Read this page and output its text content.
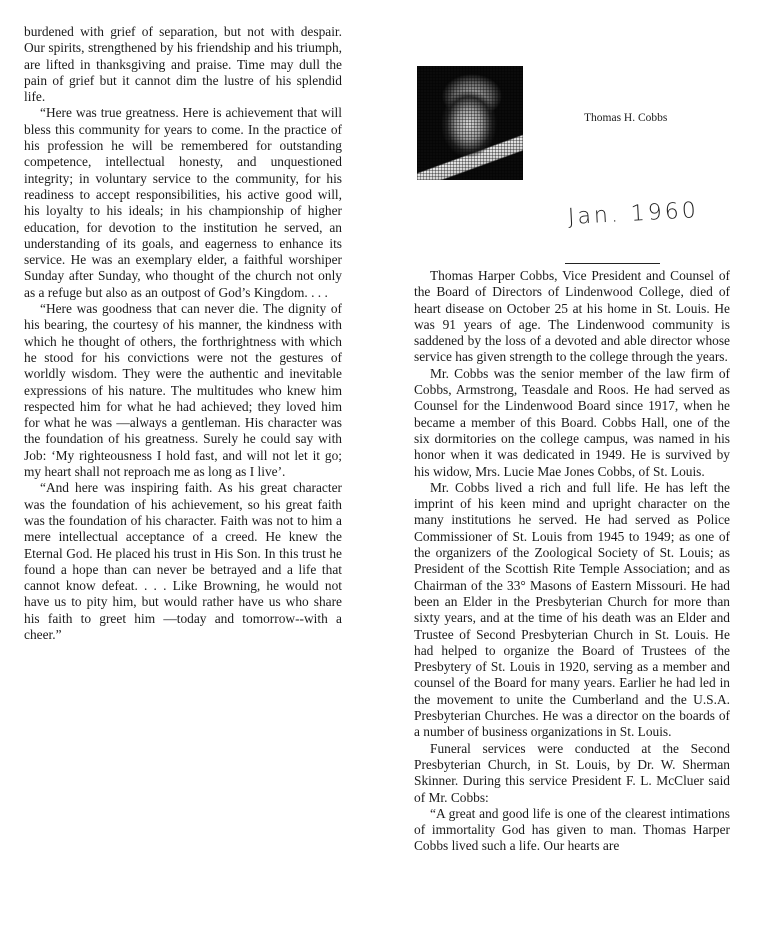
burdened with grief of separation, but not with despair. Our spirits, strengthened by his friendship and his triumph, are lifted in thanksgiving and praise. Time may dull the pain of grief but it cannot dim the lustre of his splendid life.

“Here was true greatness. Here is achievement that will bless this community for years to come. In the practice of his profession he will be remembered for outstanding competence, intellectual honesty, and unquestioned integrity; in voluntary service to the community, for his readiness to accept responsibilities, his active good will, his loyalty to his ideals; in his championship of higher education, for devotion to the institution he served, an understanding of its goals, and eagerness to enhance its service. He was an exemplary elder, a faithful worshiper Sunday after Sunday, who thought of the church not only as a refuge but also as an outpost of God’s Kingdom. . . .

“Here was goodness that can never die. The dignity of his bearing, the courtesy of his manner, the kindness with which he thought of others, the forthrightness with which he stood for his convictions were not the gestures of worldly wisdom. They were the authentic and inevitable expressions of his nature. The multitudes who knew him respected him for what he had achieved; they loved him for what he was —always a gentleman. His character was the foundation of his greatness. Surely he could say with Job: ‘My righteousness I hold fast, and will not let it go; my heart shall not reproach me as long as I live’.

“And here was inspiring faith. As his great character was the foundation of his achievement, so his great faith was the foundation of his character. Faith was not to him a mere intellectual acceptance of a creed. He knew the Eternal God. He placed his trust in His Son. In this trust he found a hope than can never be betrayed and a life that cannot know defeat. . . . Like Browning, he would not have us to pity him, but would rather have us who share his faith to greet him —today and tomorrow--with a cheer.”

Thomas H. Cobbs
Jan. 1960

Thomas Harper Cobbs, Vice President and Counsel of the Board of Directors of Lindenwood College, died of heart disease on October 25 at his home in St. Louis. He was 91 years of age. The Lindenwood community is saddened by the loss of a devoted and able director whose service has given strength to the college through the years.

Mr. Cobbs was the senior member of the law firm of Cobbs, Armstrong, Teasdale and Roos. He had served as Counsel for the Lindenwood Board since 1917, when he became a member of this Board. Cobbs Hall, one of the six dormitories on the college campus, was named in his honor when it was dedicated in 1949. He is survived by his widow, Mrs. Lucie Mae Jones Cobbs, of St. Louis.

Mr. Cobbs lived a rich and full life. He has left the imprint of his keen mind and upright character on the many institutions he served. He had served as Police Commissioner of St. Louis from 1945 to 1949; as one of the organizers of the Zoological Society of St. Louis; as President of the Scottish Rite Temple Association; and as Chairman of the 33° Masons of Eastern Missouri. He had been an Elder in the Presbyterian Church for more than sixty years, and at the time of his death was an Elder and Trustee of Second Presbyterian Church in St. Louis. He had helped to organize the Board of Trustees of the Presbytery of St. Louis in 1920, serving as a member and counsel of the Board for many years. Earlier he had led in the movement to unite the Cumberland and the U.S.A. Presbyterian Churches. He was a director on the boards of a number of business organizations in St. Louis.

Funeral services were conducted at the Second Presbyterian Church, in St. Louis, by Dr. W. Sherman Skinner. During this service President F. L. McCluer said of Mr. Cobbs:

“A great and good life is one of the clearest intimations of immortality God has given to man. Thomas Harper Cobbs lived such a life. Our hearts are
